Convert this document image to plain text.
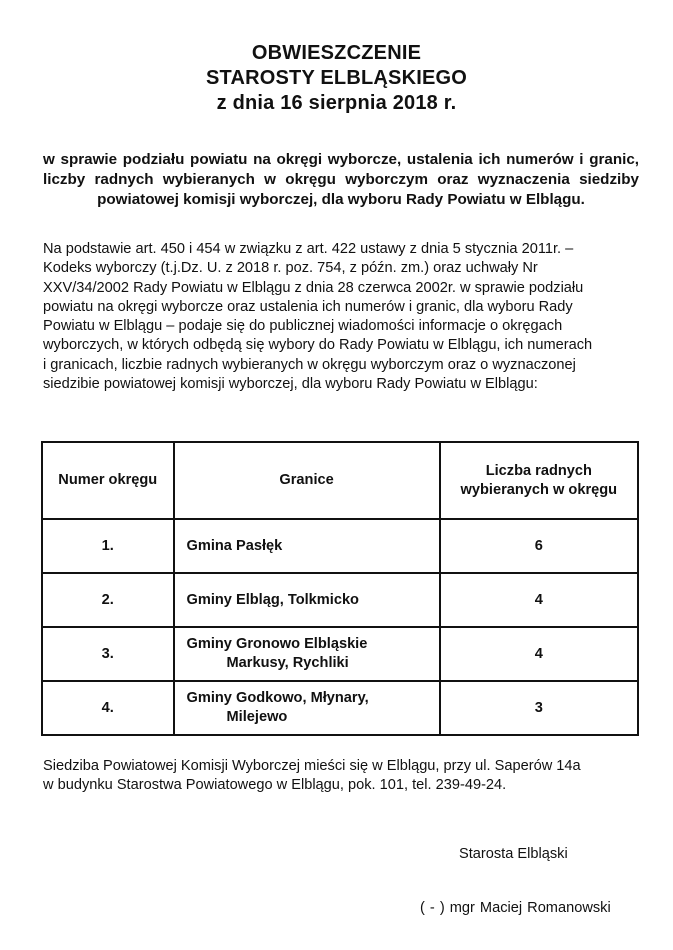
OBWIESZCZENIE
STAROSTY ELBLĄSKIEGO
z dnia 16 sierpnia 2018 r.
w sprawie podziału powiatu na okręgi wyborcze, ustalenia ich numerów i granic, liczby radnych wybieranych w okręgu wyborczym oraz wyznaczenia siedziby powiatowej komisji wyborczej, dla wyboru Rady Powiatu w Elblągu.
Na podstawie art. 450 i 454 w związku z art. 422 ustawy z dnia 5 stycznia 2011r. –
Kodeks wyborczy (t.j.Dz. U. z 2018 r. poz. 754, z późn. zm.) oraz uchwały Nr
XXV/34/2002 Rady Powiatu w Elblągu z dnia 28 czerwca 2002r. w sprawie podziału
powiatu na okręgi wyborcze oraz ustalenia ich numerów i granic, dla wyboru Rady
Powiatu w Elblągu – podaje się do publicznej wiadomości informacje o okręgach
wyborczych, w których odbędą się wybory do Rady Powiatu w Elblągu, ich numerach
i granicach, liczbie radnych wybieranych w okręgu wyborczym oraz o wyznaczonej
siedzibie powiatowej komisji wyborczej, dla wyboru Rady Powiatu w Elblągu:
Numer okręgu	Granice	Liczba radnych
wybieranych w okręgu
1.	Gmina Pasłęk	6
2.	Gminy Elbląg, Tolkmicko	4
3.	Gminy Gronowo Elbląskie
Markusy, Rychliki	4
4.	Gminy Godkowo, Młynary,
Milejewo	3
Siedziba Powiatowej Komisji Wyborczej mieści się w Elblągu, przy ul. Saperów 14a
w budynku Starostwa Powiatowego w Elblągu, pok. 101, tel. 239-49-24.
Starosta Elbląski
( - ) mgr Maciej Romanowski
